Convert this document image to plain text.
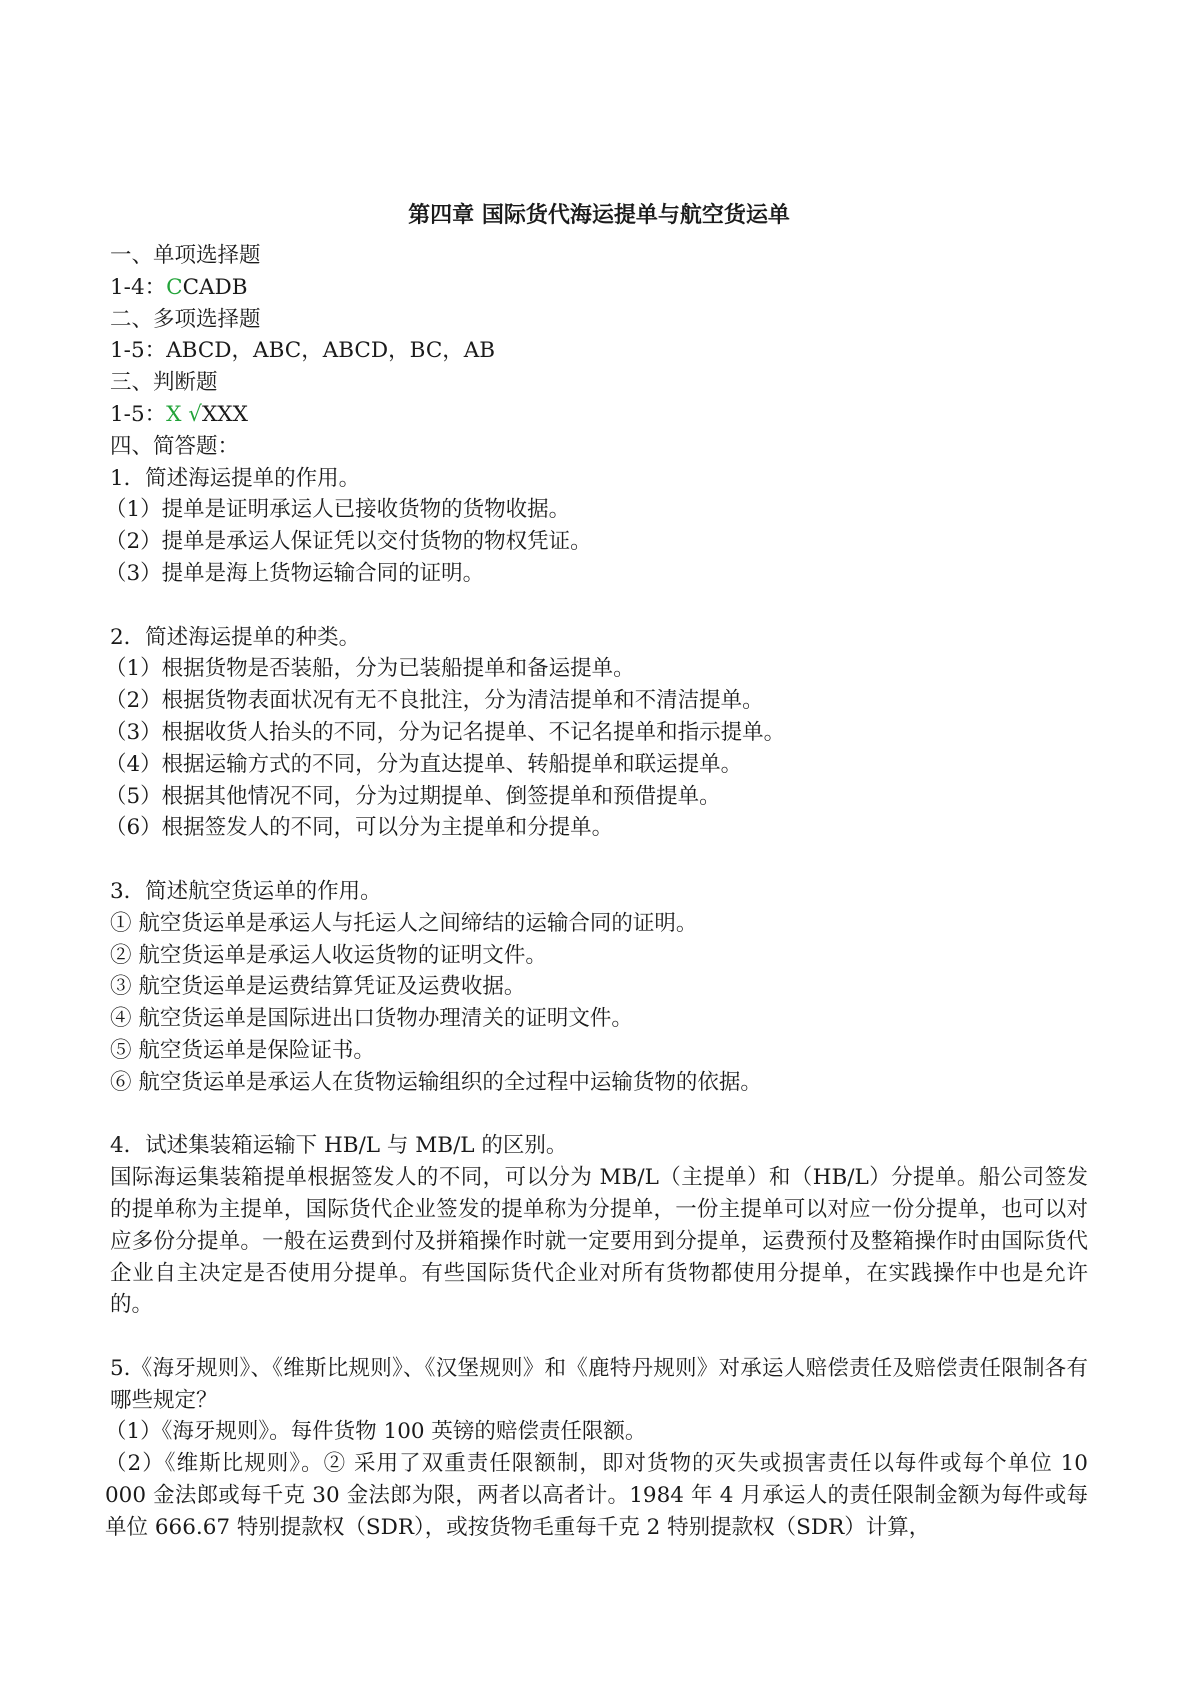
第四章 国际货代海运提单与航空货运单
一、单项选择题
1-4：CCADB
二、多项选择题
1-5：ABCD，ABC，ABCD，BC，AB
三、判断题
1-5：X √XXX
四、简答题：
1．简述海运提单的作用。
（1）提单是证明承运人已接收货物的货物收据。
（2）提单是承运人保证凭以交付货物的物权凭证。
（3）提单是海上货物运输合同的证明。
2．简述海运提单的种类。
（1）根据货物是否装船，分为已装船提单和备运提单。
（2）根据货物表面状况有无不良批注，分为清洁提单和不清洁提单。
（3）根据收货人抬头的不同，分为记名提单、不记名提单和指示提单。
（4）根据运输方式的不同，分为直达提单、转船提单和联运提单。
（5）根据其他情况不同，分为过期提单、倒签提单和预借提单。
（6）根据签发人的不同，可以分为主提单和分提单。
3．简述航空货运单的作用。
① 航空货运单是承运人与托运人之间缔结的运输合同的证明。
② 航空货运单是承运人收运货物的证明文件。
③ 航空货运单是运费结算凭证及运费收据。
④ 航空货运单是国际进出口货物办理清关的证明文件。
⑤ 航空货运单是保险证书。
⑥ 航空货运单是承运人在货物运输组织的全过程中运输货物的依据。
4．试述集装箱运输下 HB/L 与 MB/L 的区别。
国际海运集装箱提单根据签发人的不同，可以分为 MB/L（主提单）和（HB/L）分提单。船公司签发的提单称为主提单，国际货代企业签发的提单称为分提单，一份主提单可以对应一份分提单，也可以对应多份分提单。一般在运费到付及拼箱操作时就一定要用到分提单，运费预付及整箱操作时由国际货代企业自主决定是否使用分提单。有些国际货代企业对所有货物都使用分提单，在实践操作中也是允许的。
5.《海牙规则》、《维斯比规则》、《汉堡规则》和《鹿特丹规则》对承运人赔偿责任及赔偿责任限制各有哪些规定？
（1）《海牙规则》。每件货物 100 英镑的赔偿责任限额。
（2）《维斯比规则》。② 采用了双重责任限额制，即对货物的灭失或损害责任以每件或每个单位 10 000 金法郎或每千克 30 金法郎为限，两者以高者计。1984 年 4 月承运人的责任限制金额为每件或每单位 666.67 特别提款权（SDR），或按货物毛重每千克 2 特别提款权（SDR）计算，
